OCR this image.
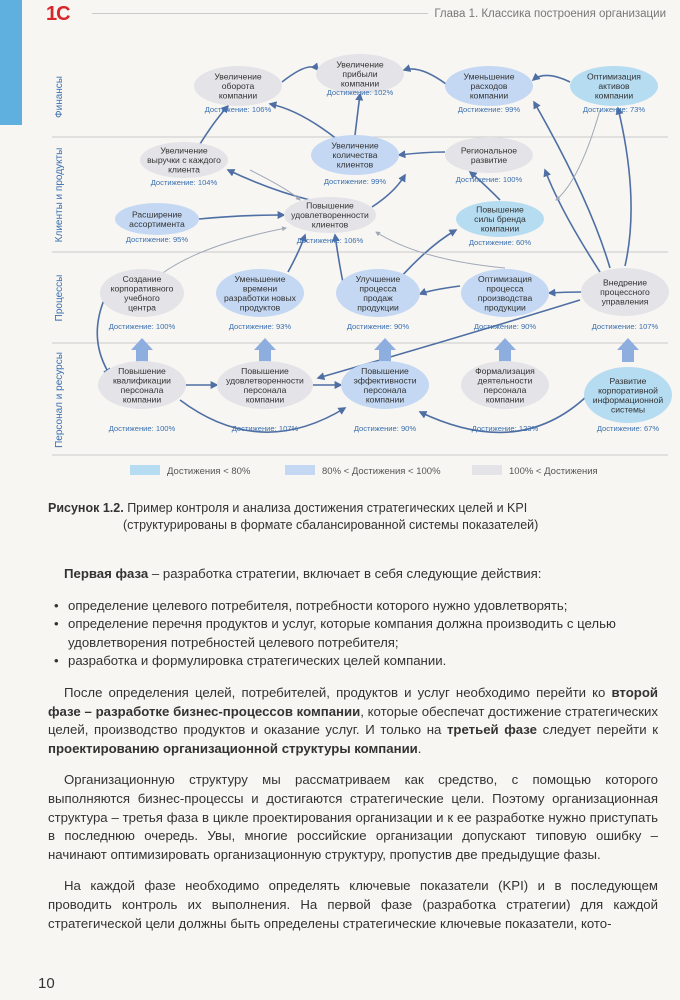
1С	Глава 1. Классика построения организации
Финансы
Клиенты и продукты
Процессы
Персонал и ресурсы
Увеличение
оборота
компании
Достижение: 106%
Увеличение
прибыли
компании
Достижение: 102%
Уменьшение
расходов
компании
Достижение: 99%
Оптимизация
активов
компании
Достижение: 73%
Увеличение
выручки с каждого
клиента
Достижение: 104%
Увеличение
количества
клиентов
Достижение: 99%
Региональное
развитие
Достижение: 100%
Расширение
ассортимента
Достижение: 95%
Повышение
удовлетворенности
клиентов
Достижение: 106%
Повышение
силы бренда
компании
Достижение: 60%
Создание
корпоративного
учебного
центра
Достижение: 100%
Уменьшение
времени
разработки новых
продуктов
Достижение: 93%
Улучшение
процесса
продаж
продукции
Достижение: 90%
Оптимизация
процесса
производства
продукции
Достижение: 90%
Внедрение
процессного
управления
Достижение: 107%
Повышение
квалификации
персонала
компании
Достижение: 100%
Повышение
удовлетворенности
персонала
компании
Достижение: 107%
Повышение
эффективности
персонала
компании
Достижение: 90%
Формализация
деятельности
персонала
компании
Достижение: 123%
Развитие
корпоративной
информационной
системы
Достижение: 67%
Достижения < 80%	80% < Достижения < 100%	100% < Достижения
Рисунок 1.2. Пример контроля и анализа достижения стратегических целей и KPI
(структурированы в формате сбалансированной системы показателей)

Первая фаза – разработка стратегии, включает в себя следующие действия:

• определение целевого потребителя, потребности которого нужно удовлетворять;
• определение перечня продуктов и услуг, которые компания должна производить с целью удовлетворения потребностей целевого потребителя;
• разработка и формулировка стратегических целей компании.

После определения целей, потребителей, продуктов и услуг необходимо перейти ко второй фазе – разработке бизнес-процессов компании, которые обеспечат достижение стратегических целей, производство продуктов и оказание услуг. И только на третьей фазе следует перейти к проектированию организационной структуры компании.

Организационную структуру мы рассматриваем как средство, с помощью которого выполняются бизнес-процессы и достигаются стратегические цели. Поэтому организационная структура – третья фаза в цикле проектирования организации и к ее разработке нужно приступать в последнюю очередь. Увы, многие российские организации допускают типовую ошибку – начинают оптимизировать организационную структуру, пропустив две предыдущие фазы.

На каждой фазе необходимо определять ключевые показатели (KPI) и в последующем проводить контроль их выполнения. На первой фазе (разработка стратегии) для каждой стратегической цели должны быть определены стратегические ключевые показатели, кото-

10
